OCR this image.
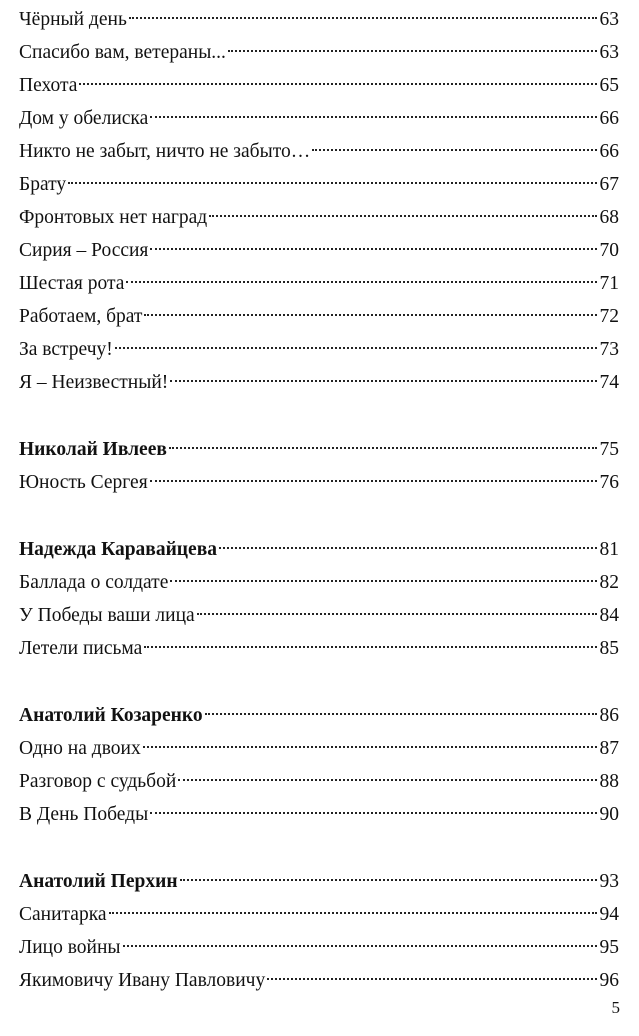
Чёрный день	63
Спасибо вам, ветераны...	63
Пехота	65
Дом у обелиска	66
Никто не забыт, ничто не забыто…	66
Брату	67
Фронтовых нет наград	68
Сирия – Россия	70
Шестая рота	71
Работаем, брат	72
За встречу!	73
Я – Неизвестный!	74
Николай Ивлеев	75
Юность Сергея	76
Надежда Каравайцева	81
Баллада о солдате	82
У Победы ваши лица	84
Летели письма	85
Анатолий Козаренко	86
Одно на двоих	87
Разговор с судьбой	88
В День Победы	90
Анатолий Перхин	93
Санитарка	94
Лицо войны	95
Якимовичу Ивану Павловичу	96
5
